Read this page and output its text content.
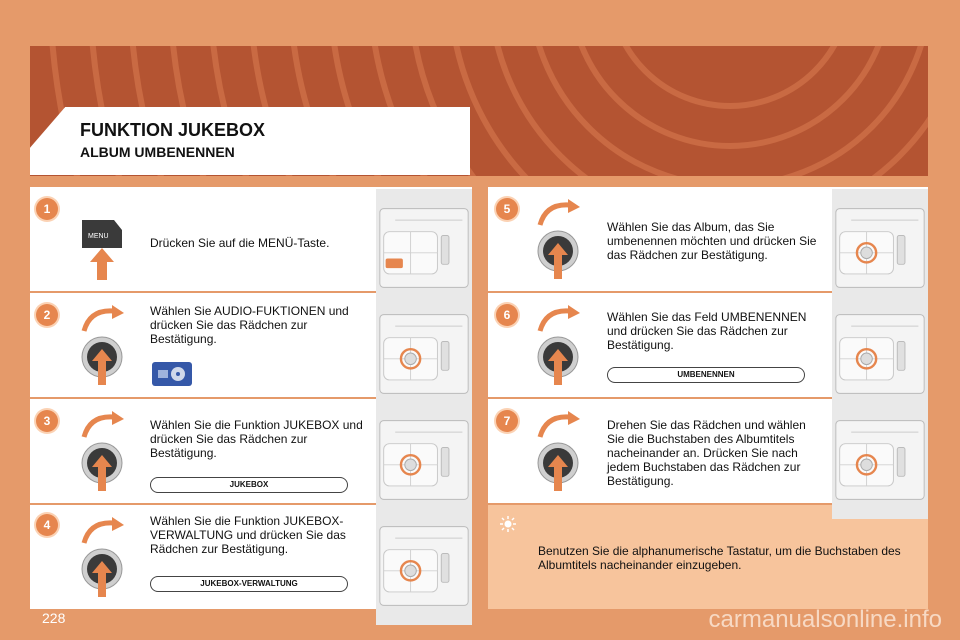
FUNKTION JUKEBOX
ALBUM UMBENENNEN
1
MENU	Drücken Sie auf die MENÜ-Taste.
2	Wählen Sie AUDIO-FUKTIONEN und drücken Sie das Rädchen zur Bestätigung.
3	Wählen Sie die Funktion JUKEBOX und drücken Sie das Rädchen zur Bestätigung.
JUKEBOX
4	Wählen Sie die Funktion JUKEBOX-VERWALTUNG und drücken Sie das Rädchen zur Bestätigung.
JUKEBOX-VERWALTUNG
5
Wählen Sie das Album, das Sie umbenennen möchten und drücken Sie das Rädchen zur Bestätigung.
6	Wählen Sie das Feld UMBENENNEN und drücken Sie das Rädchen zur Bestätigung.
UMBENENNEN
7	Drehen Sie das Rädchen und wählen Sie die Buchstaben des Albumtitels nacheinander an. Drücken Sie nach jedem Buchstaben das Rädchen zur Bestätigung.
Benutzen Sie die alphanumerische Tastatur, um die Buchstaben des Albumtitels nacheinander einzugeben.
228	carmanualsonline.info
